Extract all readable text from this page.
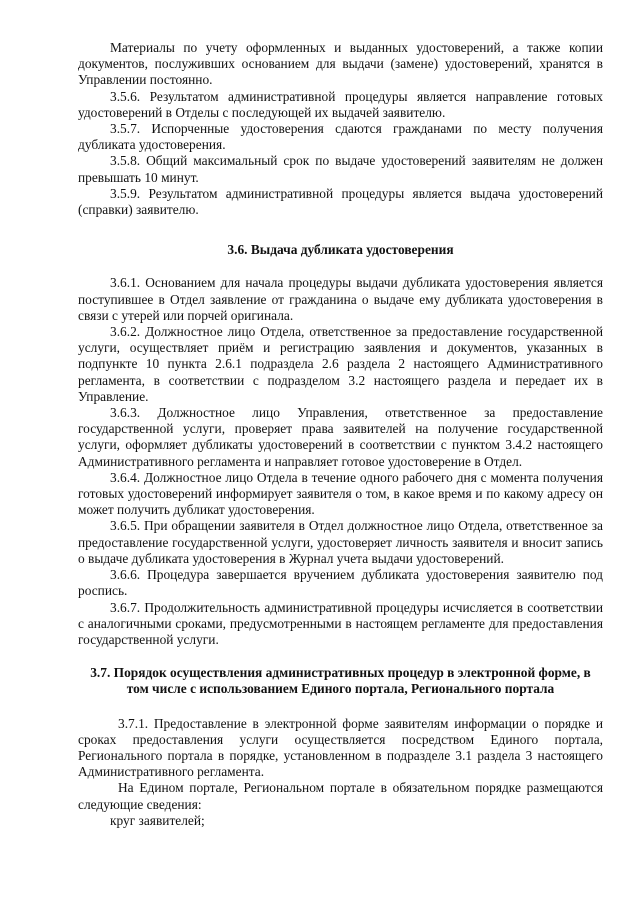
Материалы по учету оформленных и выданных удостоверений, а также копии документов, послуживших основанием для выдачи (замене) удостоверений, хранятся в Управлении постоянно.

3.5.6. Результатом административной процедуры является направление готовых удостоверений в Отделы с последующей их выдачей заявителю.

3.5.7. Испорченные удостоверения сдаются гражданами по месту получения дубликата удостоверения.

3.5.8. Общий максимальный срок по выдаче удостоверений заявителям не должен превышать 10 минут.

3.5.9. Результатом административной процедуры является выдача удостоверений (справки) заявителю.

3.6. Выдача дубликата удостоверения

3.6.1. Основанием для начала процедуры выдачи дубликата удостоверения является поступившее в Отдел заявление от гражданина о выдаче ему дубликата удостоверения в связи с утерей или порчей оригинала.

3.6.2. Должностное лицо Отдела, ответственное за предоставление государственной услуги, осуществляет приём и регистрацию заявления и документов, указанных в подпункте 10 пункта 2.6.1 подраздела 2.6 раздела 2 настоящего Административного регламента, в соответствии с подразделом 3.2 настоящего раздела и передает их в Управление.

3.6.3. Должностное лицо Управления, ответственное за предоставление государственной услуги, проверяет права заявителей на получение государственной услуги, оформляет дубликаты удостоверений в соответствии с пунктом 3.4.2 настоящего Административного регламента и направляет готовое удостоверение в Отдел.

3.6.4. Должностное лицо Отдела в течение одного рабочего дня с момента получения готовых удостоверений информирует заявителя о том, в какое время и по какому адресу он может получить дубликат удостоверения.

3.6.5. При обращении заявителя в Отдел должностное лицо Отдела, ответственное за предоставление государственной услуги, удостоверяет личность заявителя и вносит запись о выдаче дубликата удостоверения в Журнал учета выдачи удостоверений.

3.6.6. Процедура завершается вручением дубликата удостоверения заявителю под роспись.

3.6.7. Продолжительность административной процедуры исчисляется в соответствии с аналогичными сроками, предусмотренными в настоящем регламенте для предоставления государственной услуги.

3.7. Порядок осуществления административных процедур в электронной форме, в
том числе с использованием Единого портала, Регионального портала

3.7.1. Предоставление в электронной форме заявителям информации о порядке и сроках предоставления услуги осуществляется посредством Единого портала, Регионального портала в порядке, установленном в подразделе 3.1 раздела 3 настоящего Административного регламента.

На Едином портале, Региональном портале в обязательном порядке размещаются следующие сведения:

круг заявителей;
